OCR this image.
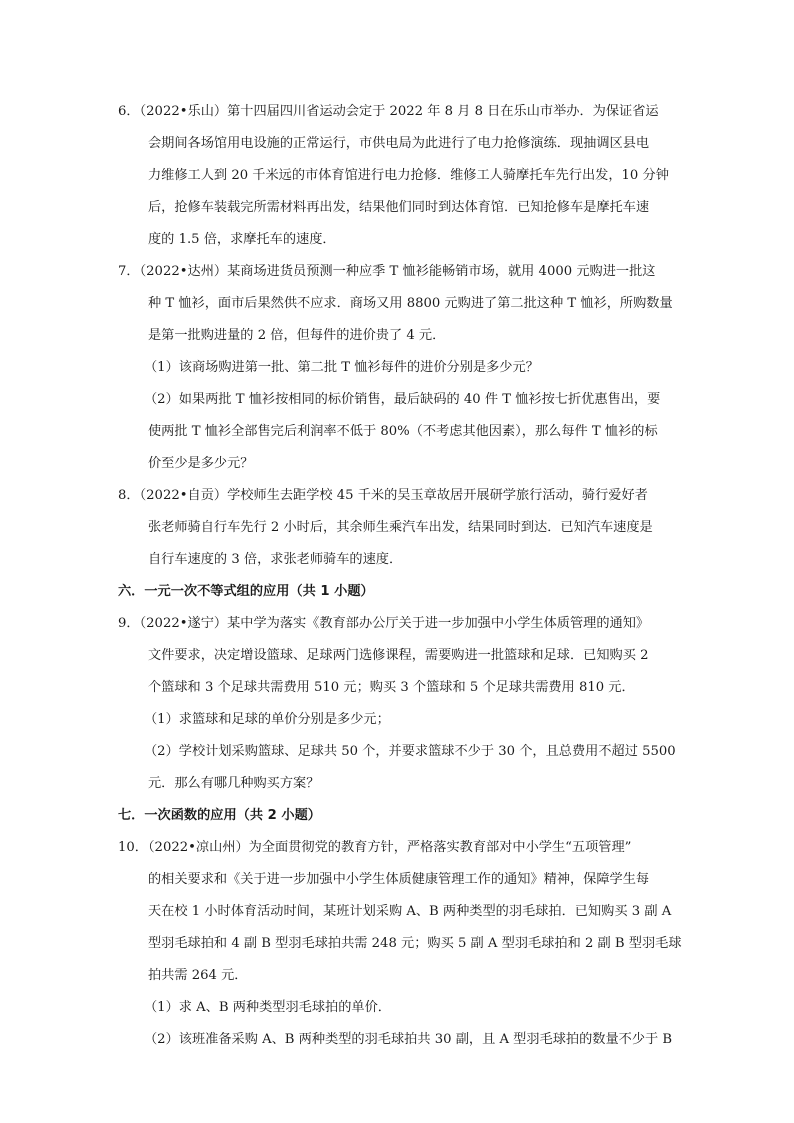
6．（2022•乐山）第十四届四川省运动会定于 2022 年 8 月 8 日在乐山市举办．为保证省运
会期间各场馆用电设施的正常运行，市供电局为此进行了电力抢修演练．现抽调区县电
力维修工人到 20 千米远的市体育馆进行电力抢修．维修工人骑摩托车先行出发，10 分钟
后，抢修车装载完所需材料再出发，结果他们同时到达体育馆．已知抢修车是摩托车速
度的 1.5 倍，求摩托车的速度．
7．（2022•达州）某商场进货员预测一种应季 T 恤衫能畅销市场，就用 4000 元购进一批这
种 T 恤衫，面市后果然供不应求．商场又用 8800 元购进了第二批这种 T 恤衫，所购数量
是第一批购进量的 2 倍，但每件的进价贵了 4 元．
（1）该商场购进第一批、第二批 T 恤衫每件的进价分别是多少元？
（2）如果两批 T 恤衫按相同的标价销售，最后缺码的 40 件 T 恤衫按七折优惠售出，要
使两批 T 恤衫全部售完后利润率不低于 80%（不考虑其他因素），那么每件 T 恤衫的标
价至少是多少元？
8．（2022•自贡）学校师生去距学校 45 千米的吴玉章故居开展研学旅行活动，骑行爱好者
张老师骑自行车先行 2 小时后，其余师生乘汽车出发，结果同时到达．已知汽车速度是
自行车速度的 3 倍，求张老师骑车的速度．
六．一元一次不等式组的应用（共 1 小题）
9．（2022•遂宁）某中学为落实《教育部办公厅关于进一步加强中小学生体质管理的通知》
文件要求，决定增设篮球、足球两门选修课程，需要购进一批篮球和足球．已知购买 2
个篮球和 3 个足球共需费用 510 元；购买 3 个篮球和 5 个足球共需费用 810 元．
（1）求篮球和足球的单价分别是多少元；
（2）学校计划采购篮球、足球共 50 个，并要求篮球不少于 30 个，且总费用不超过 5500
元．那么有哪几种购买方案？
七．一次函数的应用（共 2 小题）
10．（2022•凉山州）为全面贯彻党的教育方针，严格落实教育部对中小学生“五项管理”
的相关要求和《关于进一步加强中小学生体质健康管理工作的通知》精神，保障学生每
天在校 1 小时体育活动时间，某班计划采购 A、B 两种类型的羽毛球拍．已知购买 3 副 A
型羽毛球拍和 4 副 B 型羽毛球拍共需 248 元；购买 5 副 A 型羽毛球拍和 2 副 B 型羽毛球
拍共需 264 元．
（1）求 A、B 两种类型羽毛球拍的单价．
（2）该班准备采购 A、B 两种类型的羽毛球拍共 30 副，且 A 型羽毛球拍的数量不少于 B
